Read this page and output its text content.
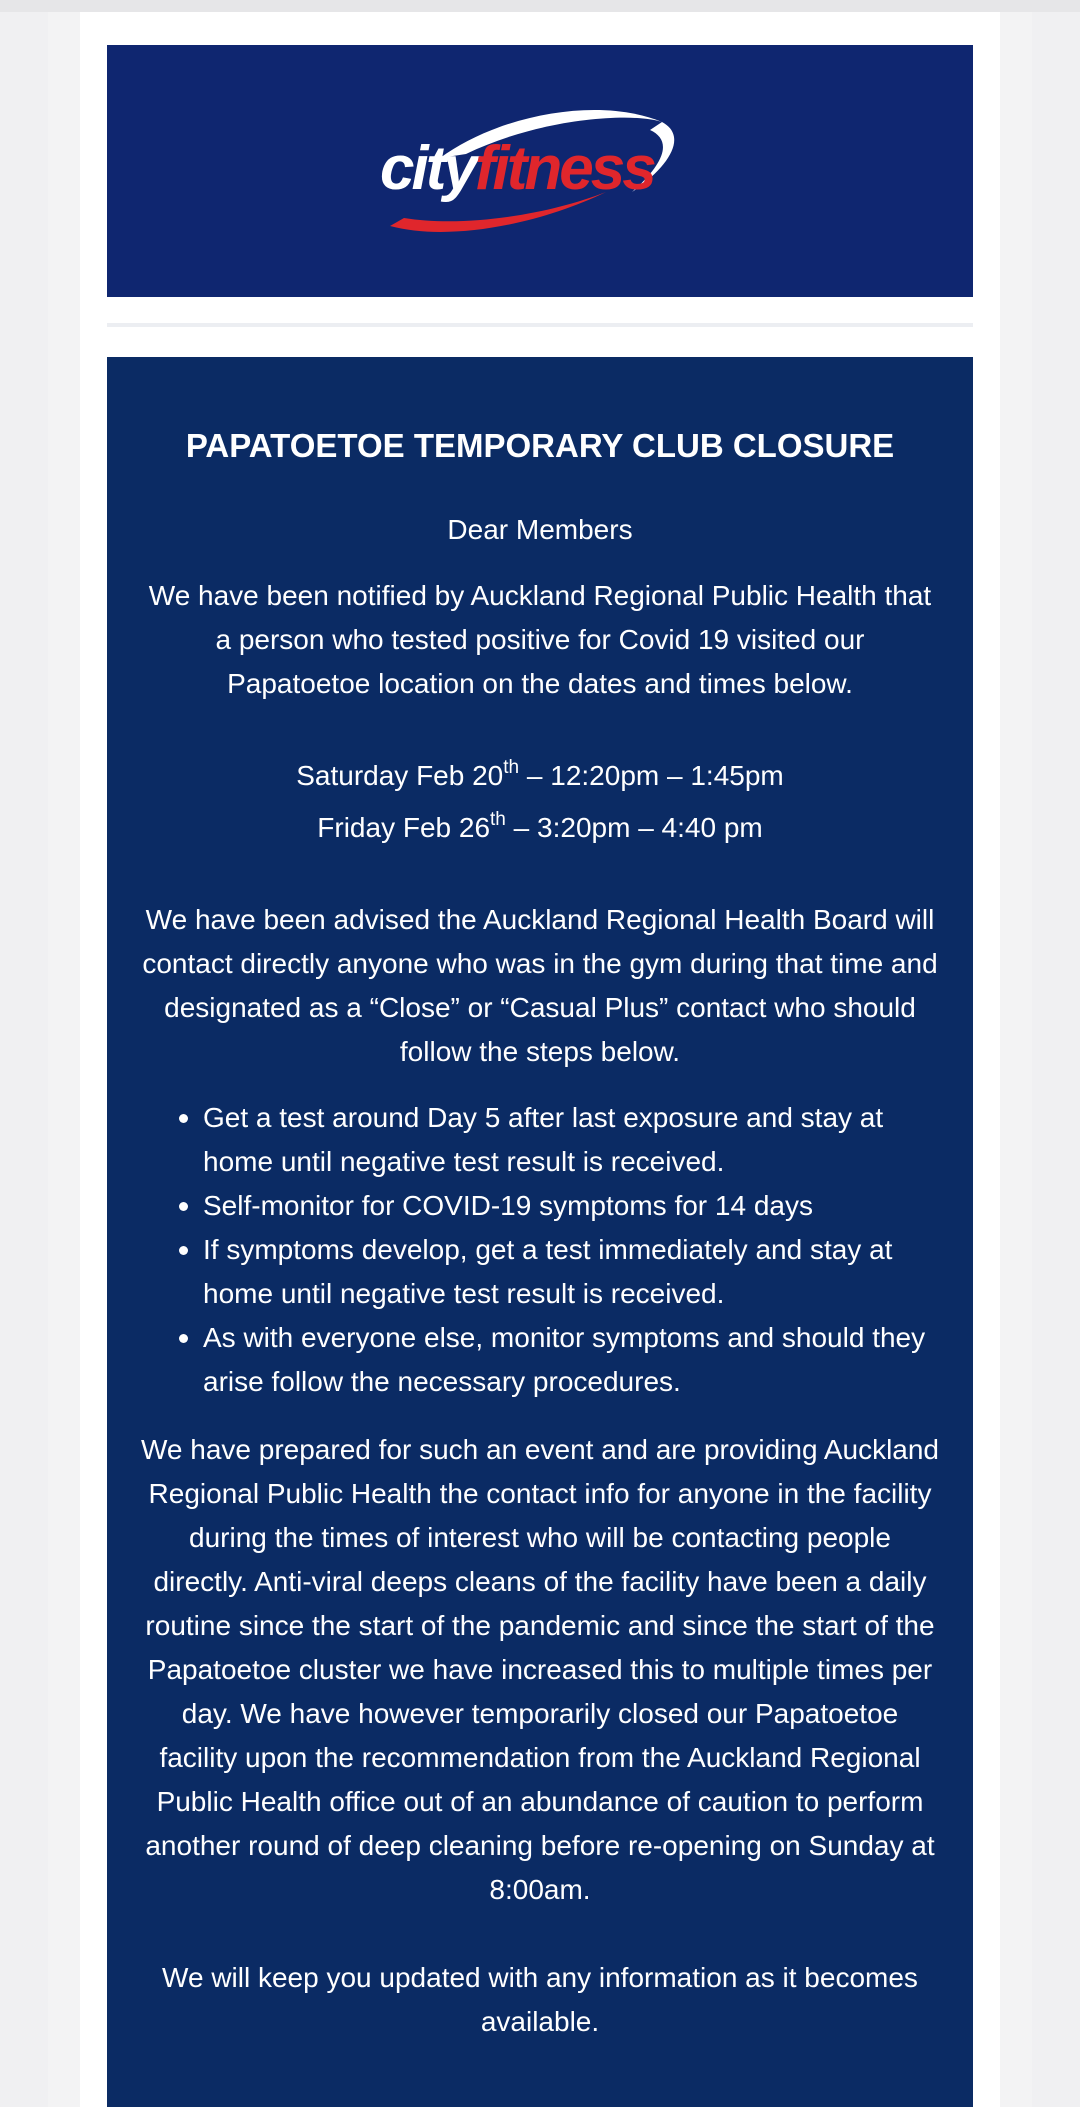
cityfitness
PAPATOETOE TEMPORARY CLUB CLOSURE

Dear Members

We have been notified by Auckland Regional Public Health that a person who tested positive for Covid 19 visited our Papatoetoe location on the dates and times below.

Saturday Feb 20th – 12:20pm – 1:45pm
Friday Feb 26th – 3:20pm – 4:40 pm

We have been advised the Auckland Regional Health Board will contact directly anyone who was in the gym during that time and designated as a “Close” or “Casual Plus” contact who should follow the steps below.

Get a test around Day 5 after last exposure and stay at home until negative test result is received.
Self-monitor for COVID-19 symptoms for 14 days
If symptoms develop, get a test immediately and stay at home until negative test result is received.
As with everyone else, monitor symptoms and should they arise follow the necessary procedures.

We have prepared for such an event and are providing Auckland Regional Public Health the contact info for anyone in the facility during the times of interest who will be contacting people directly. Anti-viral deeps cleans of the facility have been a daily routine since the start of the pandemic and since the start of the Papatoetoe cluster we have increased this to multiple times per day. We have however temporarily closed our Papatoetoe facility upon the recommendation from the Auckland Regional Public Health office out of an abundance of caution to perform another round of deep cleaning before re-opening on Sunday at 8:00am.

We will keep you updated with any information as it becomes available.
